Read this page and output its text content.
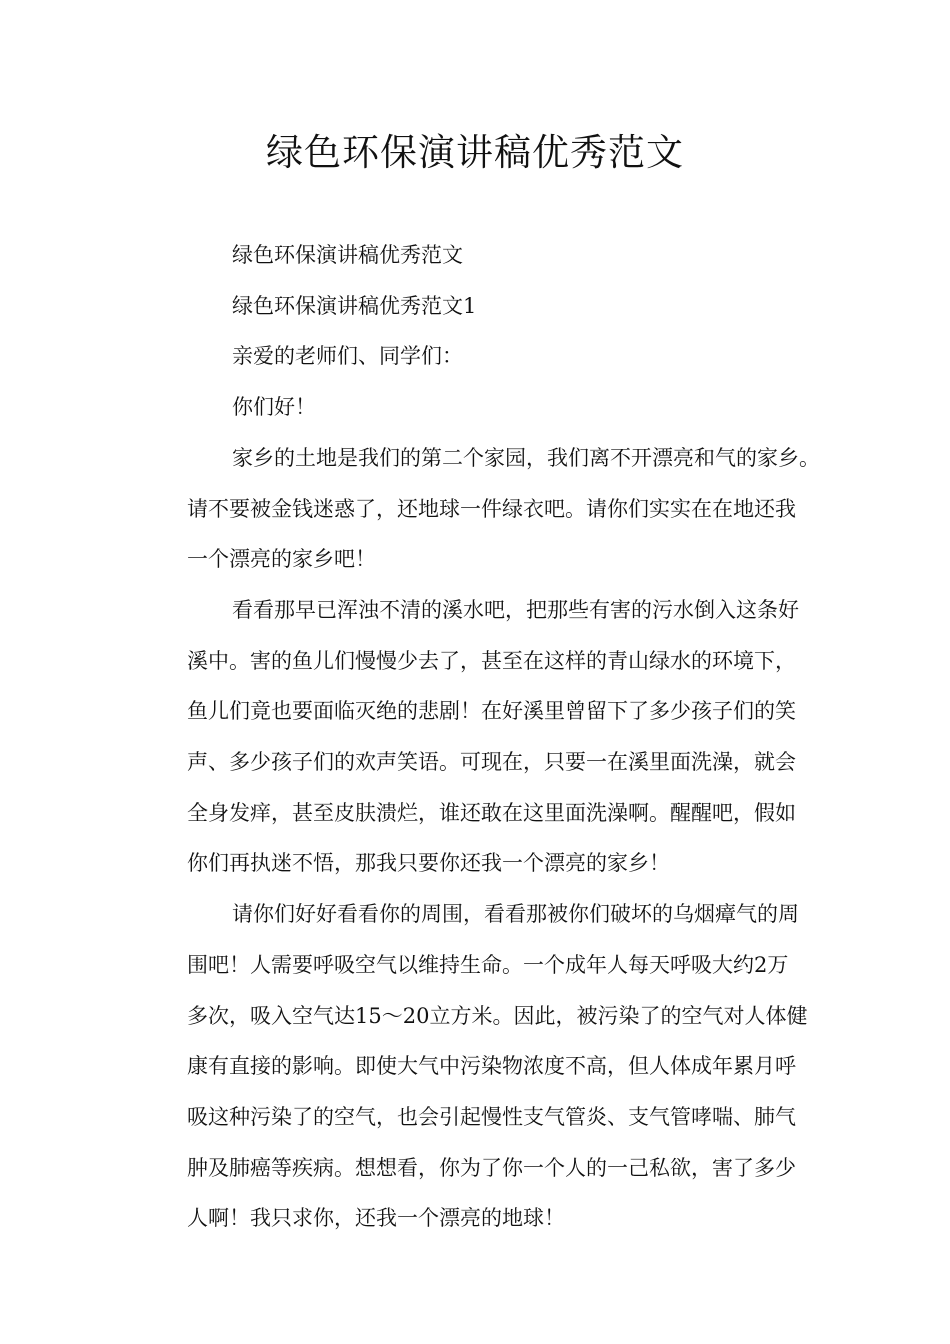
绿色环保演讲稿优秀范文
绿色环保演讲稿优秀范文
绿色环保演讲稿优秀范文1
亲爱的老师们、同学们：
你们好！
家乡的土地是我们的第二个家园，我们离不开漂亮和气的家乡。
请不要被金钱迷惑了，还地球一件绿衣吧。请你们实实在在地还我
一个漂亮的家乡吧！
看看那早已浑浊不清的溪水吧，把那些有害的污水倒入这条好
溪中。害的鱼儿们慢慢少去了，甚至在这样的青山绿水的环境下，
鱼儿们竟也要面临灭绝的悲剧！在好溪里曾留下了多少孩子们的笑
声、多少孩子们的欢声笑语。可现在，只要一在溪里面洗澡，就会
全身发痒，甚至皮肤溃烂，谁还敢在这里面洗澡啊。醒醒吧，假如
你们再执迷不悟，那我只要你还我一个漂亮的家乡！
请你们好好看看你的周围，看看那被你们破坏的乌烟瘴气的周
围吧！人需要呼吸空气以维持生命。一个成年人每天呼吸大约2万
多次，吸入空气达15～20立方米。因此，被污染了的空气对人体健
康有直接的影响。即使大气中污染物浓度不高，但人体成年累月呼
吸这种污染了的空气，也会引起慢性支气管炎、支气管哮喘、肺气
肿及肺癌等疾病。想想看，你为了你一个人的一己私欲，害了多少
人啊！我只求你，还我一个漂亮的地球！
